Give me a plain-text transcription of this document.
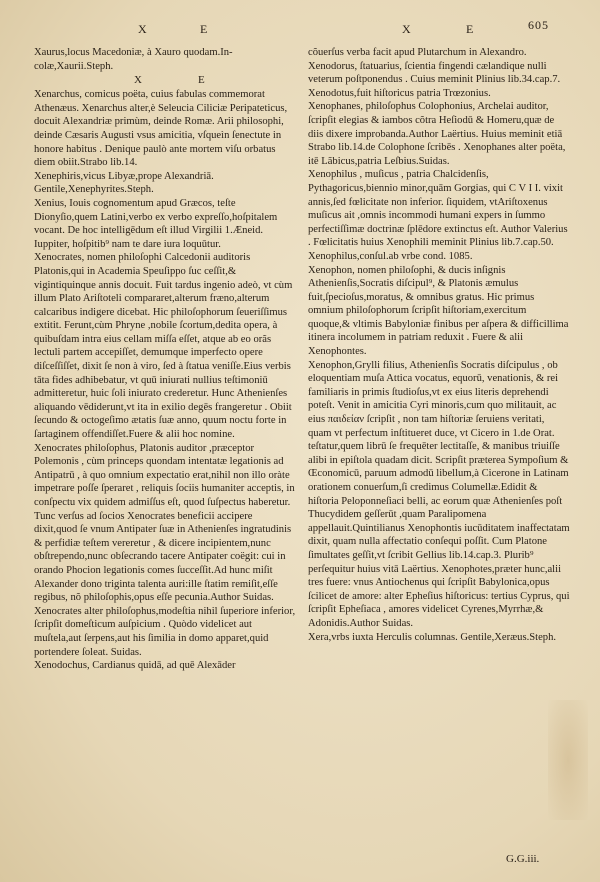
X	E	X	E	605

Xaurus,locus Macedoniæ, à Xauro quodam.In-colæ,Xaurii.Steph.

X	E

Xenarchus, comicus poëta, cuius fabulas commemorat Athenæus. Xenarchus alter,è Seleucia Ciliciæ Peripateticus, docuit Alexandriæ primùm, deinde Romæ. Arii philosophi, deinde Cæsaris Augusti vsus amicitia, vſqueìn ſenectute in honore habitus . Denique paulò ante mortem viſu orbatus diem obiit.Strabo lib.14.

Xenephiris,vicus Libyæ,prope Alexandriā. Gentile,Xenephyrites.Steph.

Xenius, Iouis cognomentum apud Græcos, teſte Dionyſio,quem Latini,verbo ex verbo expreſſo,hoſpitalem vocant. De hoc intelligēdum eſt illud Virgilii 1.Æneid.

Iuppiter, hoſpitib⁹ nam te dare iura loquūtur.

Xenocrates, nomen philoſophi Calcedonii auditoris Platonis,qui in Academia Speuſippo ſuc ceſſit,& vigintiquinque annis docuit. Fuit tardus ingenio adeò, vt cùm illum Plato Ariſtoteli compararet,alterum fræno,alterum calcaribus indigere dicebat. Hic philoſophorum ſeueriſſimus extitit. Ferunt,cùm Phryne ,nobile ſcortum,dedita opera, à quibuſdam intra eius cellam miſſa eſſet, atque ab eo orãs lectuli partem accepiſſet, demumque imperfecto opere diſceſſiſſet, dixit ſe non à viro, ſed à ſtatua veniſſe.Eius verbis tāta fides adhibebatur, vt quū iniurati nullius teſtimoniū admitteretur, huic ſoli iniurato crederetur. Hunc Athenienſes aliquando vēdiderunt,vt ita in exilio degēs frangeretur . Obiit ſecundo & octogeſimo ætatis ſuæ anno, quum noctu forte in ſartaginem offendiſſet.Fuere & alii hoc nomine.

Xenocrates philoſophus, Platonis auditor ,præceptor Polemonis , cùm princeps quondam intentatæ legationis ad Antipatrū , à quo omnium expectatio erat,nihil non illo oràte impetrare poſſe ſperaret , reliquis ſociis humaniter acceptis, in conſpectu vix quidem admiſſus eſt, quod ſuſpectus haberetur. Tunc verſus ad ſocios Xenocrates beneficii accipere dixit,quod ſe vnum Antipater ſuæ in Athenienſes ingratudinis & perfidiæ teſtem vereretur , & dicere incipientem,nunc obſtrependo,nunc obſecrando tacere Antipater coëgit: cui in orando Phocion legationis comes ſucceſſit.Ad hunc miſit Alexander dono triginta talenta auri:ille ſtatim remiſit,eſſe regibus, nõ philoſophis,opus eſſe pecunia.Author Suidas. Xenocrates alter philoſophus,modeſtia nihil ſuperiore inferior, ſcripſit domeſticum auſpicium . Quòdo videlicet aut muſtela,aut ſerpens,aut his ſimilia in domo apparet,quid portendere ſoleat. Suidas.

Xenodochus, Cardianus quidā, ad quē Alexāder

cõuerſus verba facit apud Plutarchum in Alexandro.

Xenodorus, ſtatuarius, ſcientia fingendi cælandique nulli veterum poſtponendus . Cuius meminit Plinius lib.34.cap.7.

Xenodotus,fuit hiſtoricus patria Trœzonius.

Xenophanes, philoſophus Colophonius, Archelai auditor, ſcripſit elegias & iambos cõtra Heſiodū & Homeru,quæ de diis dixere improbanda.Author Laërtius. Huius meminit etiā Strabo lib.14.de Colophone ſcribēs . Xenophanes alter poëta, itē Lãbicus,patria Leſbius.Suidas.

Xenophilus , muſicus , patria Chalcidenſis, Pythagoricus,biennio minor,quām Gorgias, qui C V I I. vixit annis,ſed fœlicitate non inferior. ſiquidem, vtAriſtoxenus muſicus ait ,omnis incommodi humani expers in ſummo perfectiſſimæ doctrinæ ſplēdore extinctus eſt. Author Valerius . Fœlicitatis huius Xenophili meminit Plinius lib.7.cap.50.

Xenophilus,conſul.ab vrbe cond. 1085.

Xenophon, nomen philoſophi, & ducis inſignis Athenienſis,Socratis diſcipul⁹, & Platonis æmulus fuit,ſpecioſus,moratus, & omnibus gratus. Hic primus omnium philoſophorum ſcripſit hiſtoriam,exercitum quoque,& vltimis Babyloniæ finibus per aſpera & difficillima itinera incolumem in patriam reduxit . Fuere & alii Xenophontes.

Xenophon,Grylli filius, Athenienſis Socratis diſcipulus , ob eloquentiam muſa Attica vocatus, equorū, venationis, & rei familiaris in primis ſtudioſus,vt ex eius literis deprehendi poteſt. Venit in amicitia Cyri minoris,cum quo militauit, ac eius παιδείαν ſcripſit , non tam hiſtoriæ ſeruiens veritati, quam vt perfectum inſtitueret duce, vt Cicero in 1.de Orat. teſtatur,quem librū ſe frequēter lectitaſſe, & manibus triuiſſe alibi in epiſtola quadam dicit. Scripſit præterea Sympoſium & Œconomicū, paruum admodū libellum,à Cicerone in Latinam orationem conuerſum,ſi credimus Columellæ.Edidit & hiſtoria Peloponneſiaci belli, ac eorum quæ Athenienſes poſt Thucydidem geſſerūt ,quam Paralipomena appellauit.Quintilianus Xenophontis iucūditatem inaffectatam dixit, quam nulla affectatio conſequi poſſit. Cum Platone ſimultates geſſit,vt ſcribit Gellius lib.14.cap.3. Plurib⁹ perſequitur huius vitā Laërtius. Xenophotes,præter hunc,alii tres fuere: vnus Antiochenus qui ſcripſit Babylonica,opus ſcilicet de amore: alter Epheſius hiſtoricus: tertius Cyprus, qui ſcripſit Epheſiaca , amores videlicet Cyrenes,Myrrhæ,& Adonidis.Author Suidas.

Xera,vrbs iuxta Herculis columnas. Gentile,Xeræus.Steph.

G.G.iii.
